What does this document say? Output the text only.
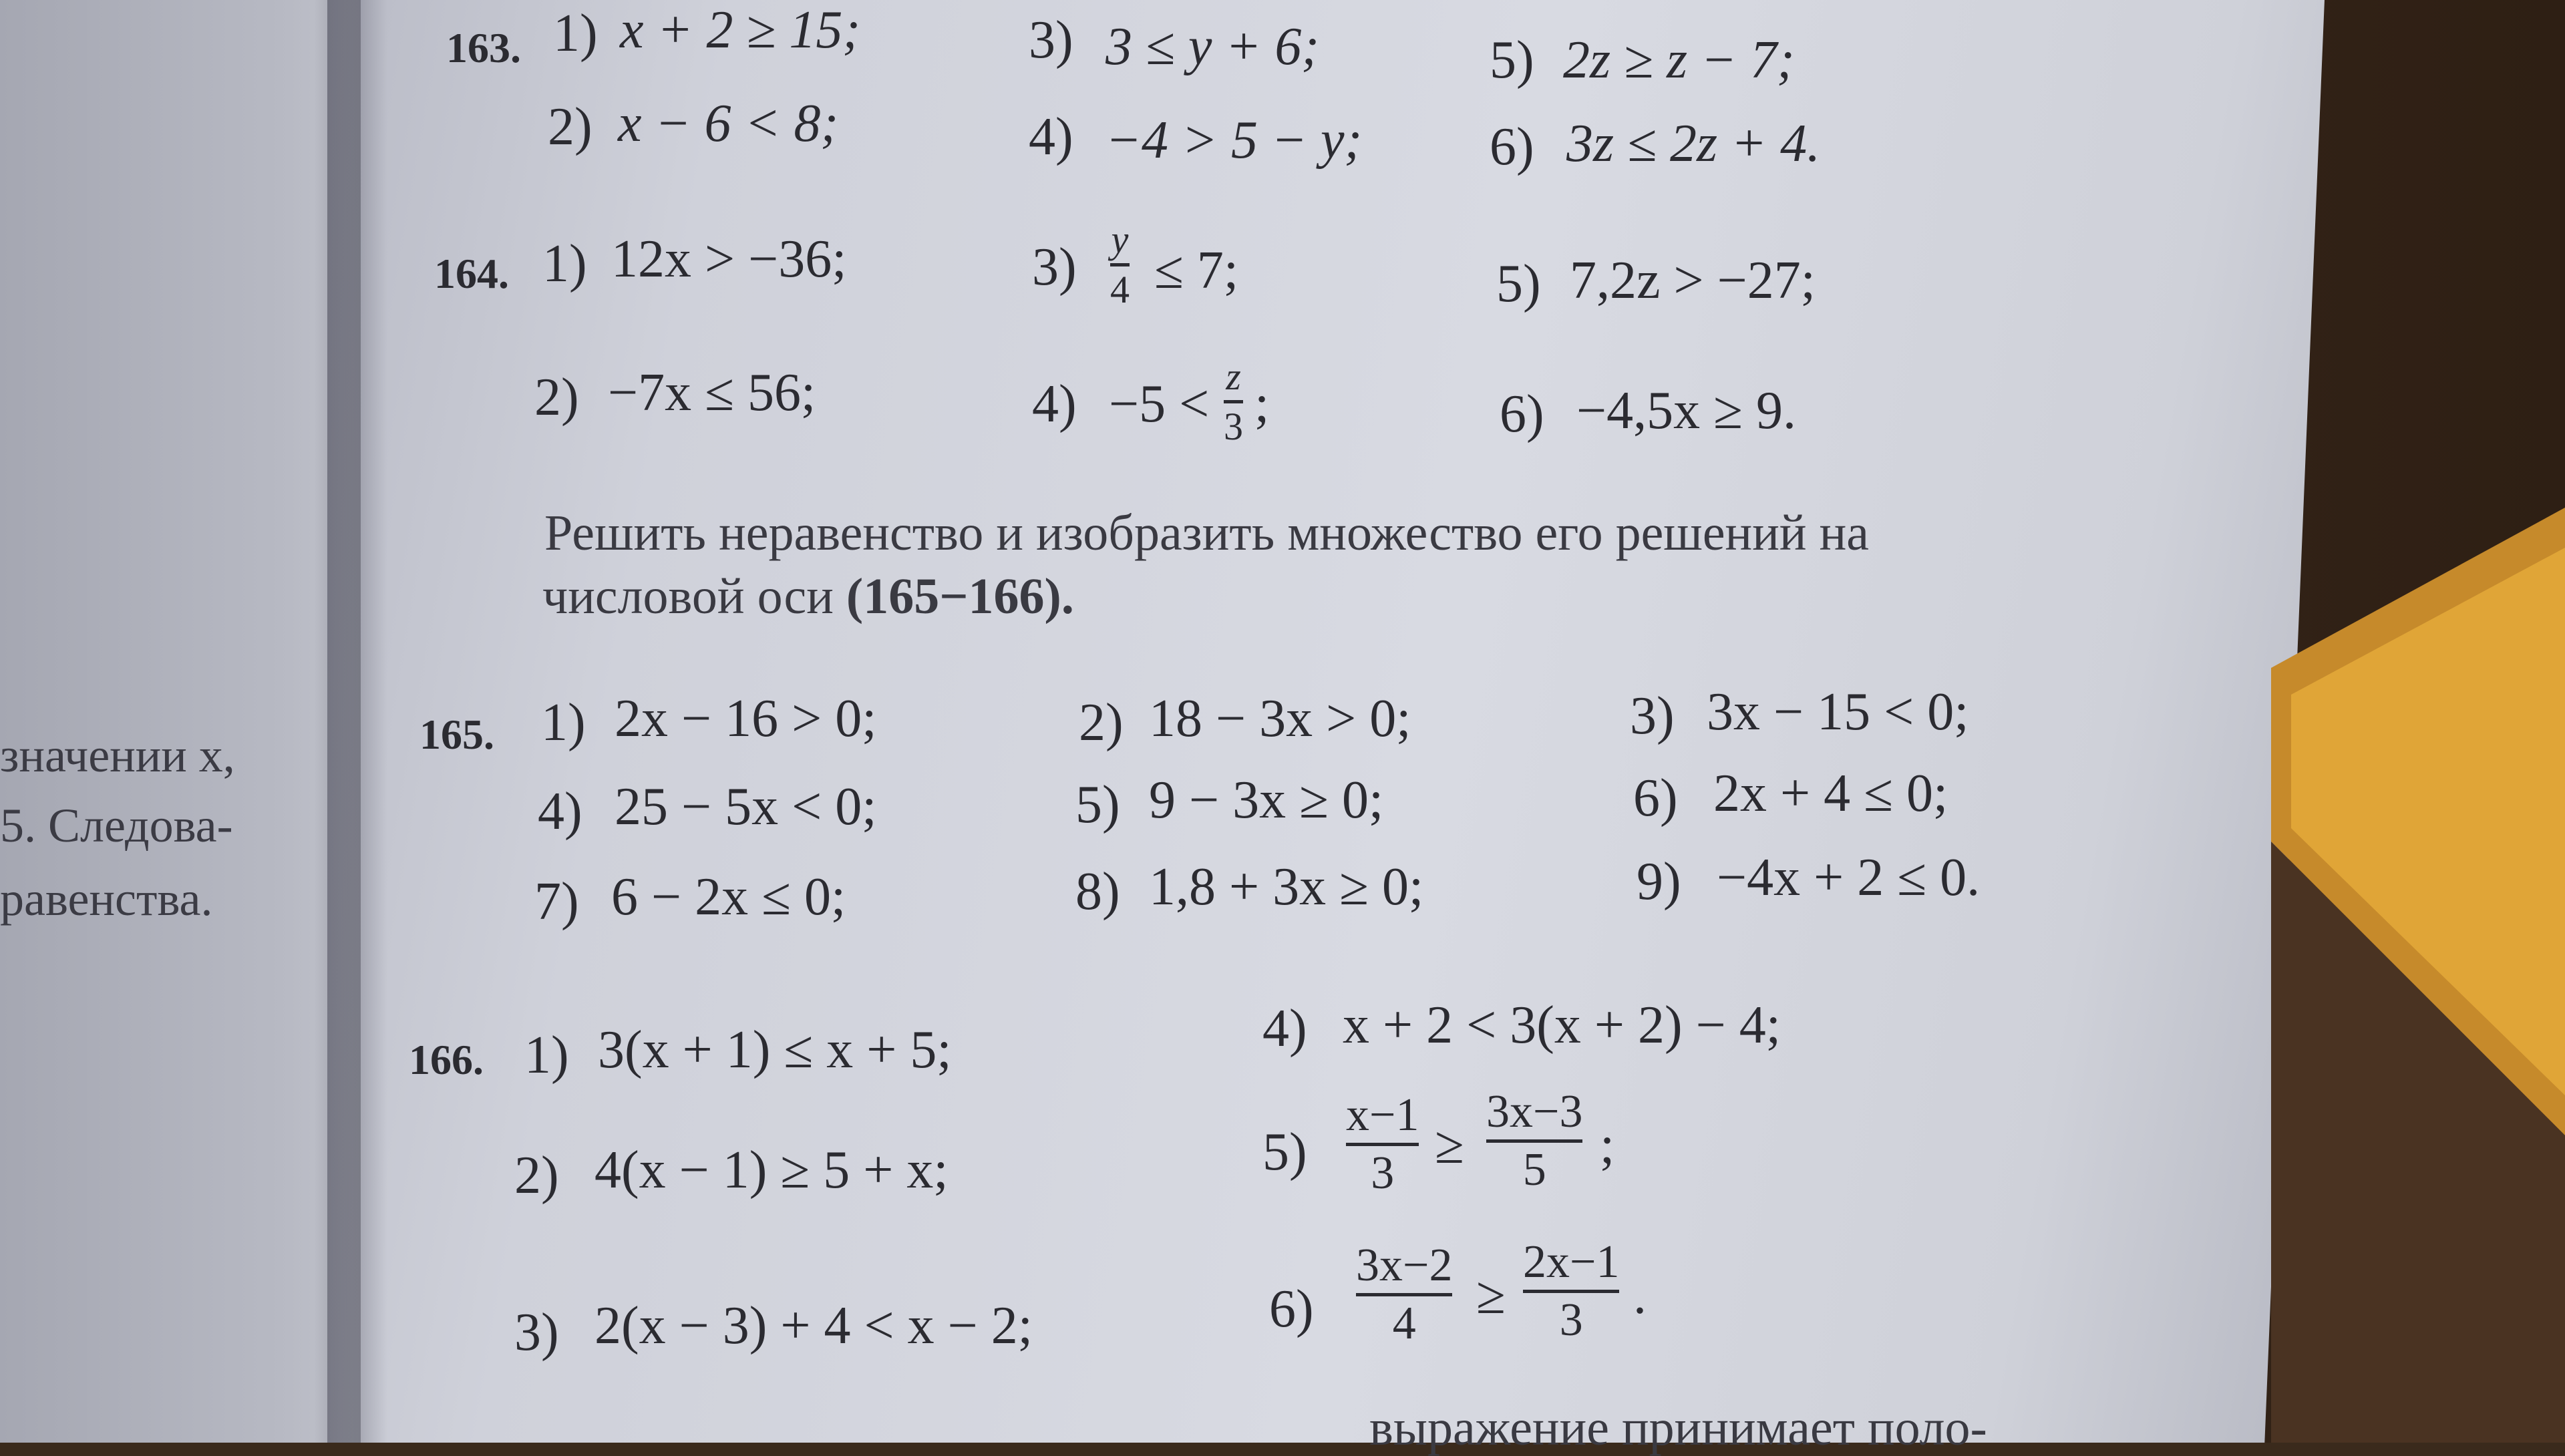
значении x,
5. Следова-
равенства.
163. 1) x + 2 ≥ 15;	3) 3 ≤ y + 6;	5) 2z ≥ z − 7;
2) x − 6 < 8;	4) −4 > 5 − y; 6) 3z ≤ 2z + 4.
164. 1) 12x > −36;	3) y
4 ≤ 7;	5) 7,2z > −27;
2) −7x ≤ 56;	4) −5 < z
3 ;	6) −4,5x ≥ 9.
Решить неравенство и изобразить множество его решений на
числовой оси (165−166).
165. 1) 2x − 16 > 0;	2) 18 − 3x > 0;	3) 3x − 15 < 0;
4) 25 − 5x < 0;	5) 9 − 3x ≥ 0;	6) 2x + 4 ≤ 0;
7) 6 − 2x ≤ 0;	8) 1,8 + 3x ≥ 0;	9) −4x + 2 ≤ 0.
166. 1) 3(x + 1) ≤ x + 5;
2) 4(x − 1) ≥ 5 + x;
3) 2(x − 3) + 4 < x − 2;
4) x + 2 < 3(x + 2) − 4;
5)
x−1
3 ≥
3x−3
5 ;
6)
3x−2
4 ≥
2x−1
3 .
выражение принимает поло-
